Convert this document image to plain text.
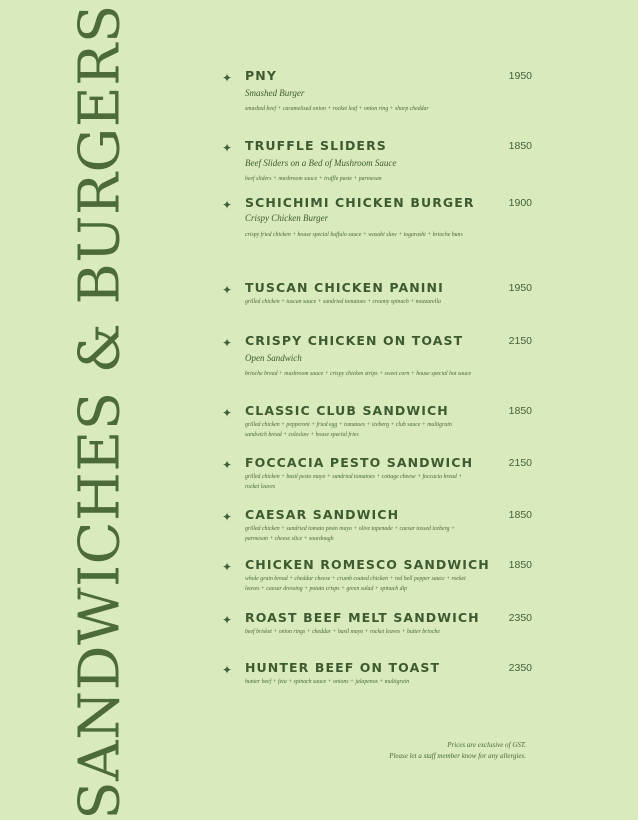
SANDWICHES & BURGERS	✦ PNY	1950
Smashed Burger
smashed beef + caramelised onion + rocket leaf + onion ring + sharp cheddar
✦ TRUFFLE SLIDERS	1850
Beef Sliders on a Bed of Mushroom Sauce
beef sliders + mushroom sauce + truffle paste + parmesan
✦ SCHICHIMI CHICKEN BURGER	1900
Crispy Chicken Burger
crispy fried chicken + house special buffalo sauce + wasabi slaw + togarashi + brioche buns
✦ TUSCAN CHICKEN PANINI	1950
grilled chicken + tuscan sauce + sundried tomatoes + creamy spinach + mozzarella
✦ CRISPY CHICKEN ON TOAST	2150
Open Sandwich
brioche bread + mushroom sauce + crispy chicken strips + sweet corn + house special hot sauce
✦ CLASSIC CLUB SANDWICH	1850
grilled chicken + pepperoni + fried egg + tomatoes + iceberg + club sauce + multigrain sandwich bread + coleslaw + house special fries
✦ FOCCACIA PESTO SANDWICH	2150
grilled chicken + basil pesto mayo + sundried tomatoes + cottage cheese + foccacia bread + rocket leaves
✦ CAESAR SANDWICH	1850
grilled chicken + sundried tomato pesto mayo + olive tapenade + caesar tossed iceberg + parmesan + cheese slice + sourdough
✦ CHICKEN ROMESCO SANDWICH 1850
whole grain bread + cheddar cheese + crumb coated chicken + red bell pepper sauce + rocket leaves + caesar dressing + potato crisps + green salad + spinach dip
✦ ROAST BEEF MELT SANDWICH	2350
beef brisket + onion rings + cheddar + basil mayo + rocket leaves + butter brioche
✦ HUNTER BEEF ON TOAST	2350
hunter beef + feta + spinach sauce + onions + jalapenos + multigrain
Prices are exclusive of GST.
Please let a staff member know for any allergies.
